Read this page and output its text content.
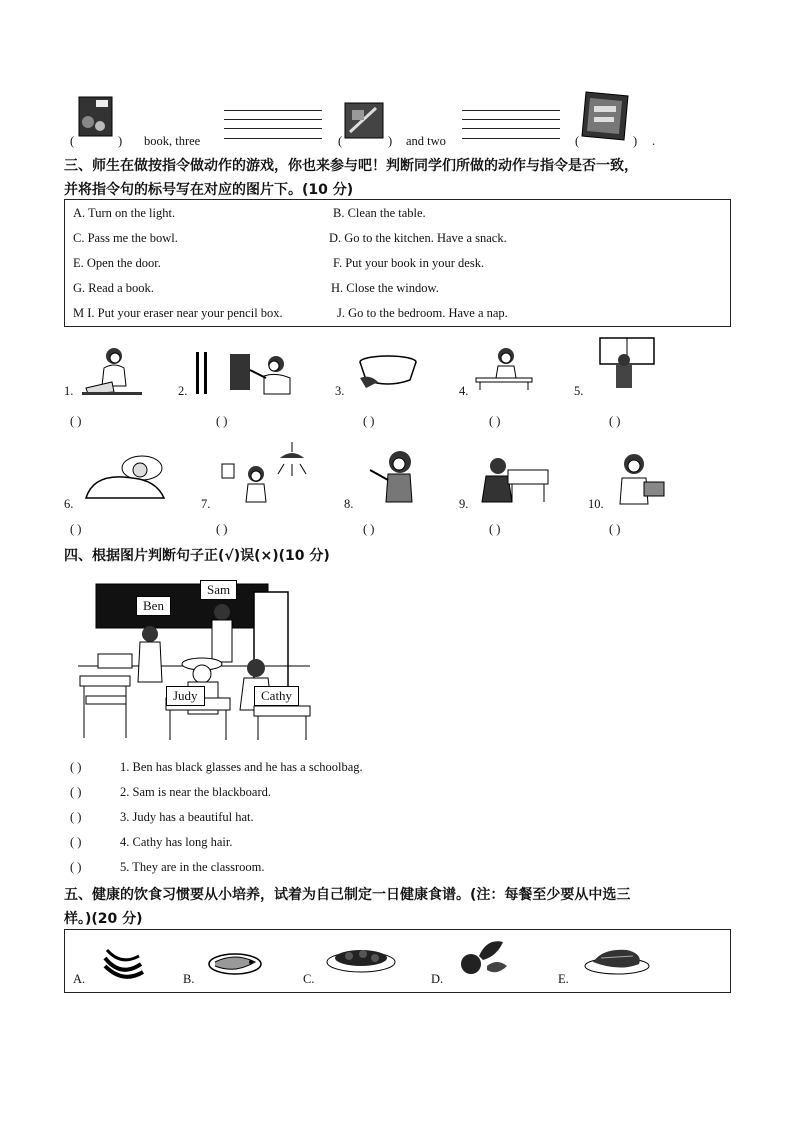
(	) book, three	(	) and two	(	) .
三、师生在做按指令做动作的游戏，你也来参与吧！判断同学们所做的动作与指令是否一致，
并将指令句的标号写在对应的图片下。(10 分)
A. Turn on the light.	B. Clean the table.
C. Pass me the bowl.	D. Go to the kitchen. Have a snack.
E. Open the door.	F. Put your book in your desk.
G. Read a book.	H. Close the window.
M I. Put your eraser near your pencil box.	J. Go to the bedroom. Have a nap.
1.
( )
2.
( )
3.
( )
4.
( )
5.
( )
6.
( )
7.
( )
8.
( )
9.
( )
10.
( )
四、根据图片判断句子正(√)误(×)(10 分)
Ben
Sam
Judy	Cathy
( )	1. Ben has black glasses and he has a schoolbag.
( )	2. Sam is near the blackboard.
( )	3. Judy has a beautiful hat.
( )	4. Cathy has long hair.
( )	5. They are in the classroom.
五、健康的饮食习惯要从小培养，试着为自己制定一日健康食谱。(注：每餐至少要从中选三
样。)(20 分)
A.	B.	C.	D.	E.
